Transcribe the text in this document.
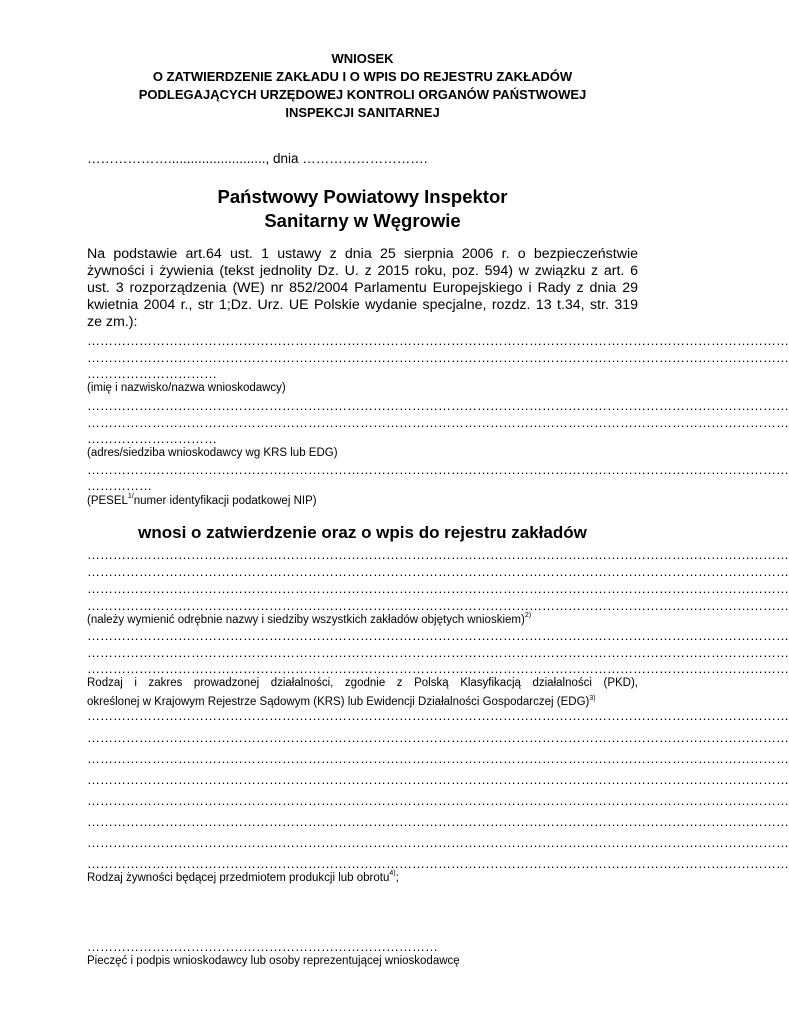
WNIOSEK
O ZATWIERDZENIE ZAKŁADU I O WPIS DO REJESTRU ZAKŁADÓW
PODLEGAJĄCYCH URZĘDOWEJ KONTROLI ORGANÓW PAŃSTWOWEJ
INSPEKCJI SANITARNEJ
……………….........................., dnia ……………………….
Państwowy Powiatowy Inspektor
Sanitarny w Węgrowie
Na podstawie art.64 ust. 1 ustawy z dnia 25 sierpnia 2006 r. o bezpieczeństwie
żywności i żywienia (tekst jednolity Dz. U. z 2015 roku, poz. 594) w związku z art. 6
ust. 3 rozporządzenia (WE) nr 852/2004 Parlamentu Europejskiego i Rady z dnia 29
kwietnia 2004 r., str 1;Dz. Urz. UE Polskie wydanie specjalne, rozdz. 13 t.34, str. 319
ze zm.):
………………………………………………………………………………………………………………………………………………
………………………………………………………………………………………………………………………………………………
…………………………
(imię i nazwisko/nazwa wnioskodawcy)
………………………………………………………………………………………………………………………………………………
………………………………………………………………………………………………………………………………………………
…………………………
(adres/siedziba wnioskodawcy wg KRS lub EDG)
………………………………………………………………………………………………………………………………………………
……………
($PESEL^{1/}numer$ identyfikacji podatkowej NIP)
wnosi o zatwierdzenie oraz o wpis do rejestru zakładów
………………………………………………………………………………………………………………………………………………
………………………………………………………………………………………………………………………………………………
………………………………………………………………………………………………………………………………………………
………………………………………………………………………………………………………………………………………………
(należy wymienić odrębnie nazwy i siedziby wszystkich zakładów objętych wnioskiem)$^{2)}$
………………………………………………………………………………………………………………………………………………
………………………………………………………………………………………………………………………………………………
………………………………………………………………………………………………………………………………………………
Rodzaj i zakres prowadzonej działalności, zgodnie z Polską Klasyfikacją działalności (PKD),
określonej w Krajowym Rejestrze Sądowym (KRS) lub Ewidencji Działalności Gospodarczej (EDG)$^{3)}$
………………………………………………………………………………………………………………………………………………
………………………………………………………………………………………………………………………………………………
………………………………………………………………………………………………………………………………………………
………………………………………………………………………………………………………………………………………………
………………………………………………………………………………………………………………………………………………
………………………………………………………………………………………………………………………………………………
………………………………………………………………………………………………………………………………………………
………………………………………………………………………………………………………………………………………………
Rodzaj żywności będącej przedmiotem produkcji lub obrotu$^{4)}$;
………………………………………………………………………
Pieczęć i podpis wnioskodawcy lub osoby reprezentującej wnioskodawcę
